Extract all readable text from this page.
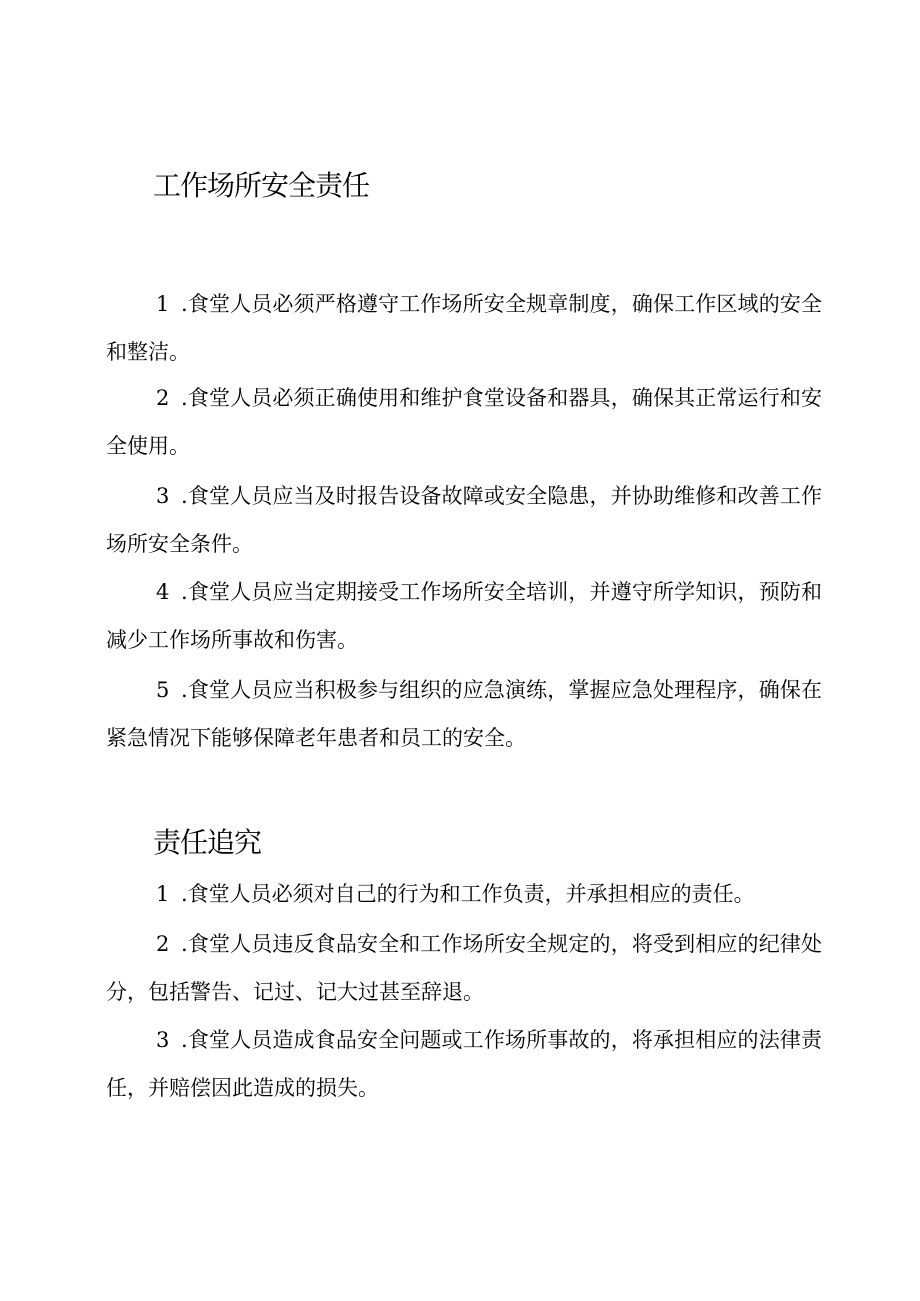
工作场所安全责任

1 .食堂人员必须严格遵守工作场所安全规章制度，确保工作区域的安全和整洁。

2 .食堂人员必须正确使用和维护食堂设备和器具，确保其正常运行和安全使用。

3 .食堂人员应当及时报告设备故障或安全隐患，并协助维修和改善工作场所安全条件。

4 .食堂人员应当定期接受工作场所安全培训，并遵守所学知识，预防和减少工作场所事故和伤害。

5 .食堂人员应当积极参与组织的应急演练，掌握应急处理程序，确保在紧急情况下能够保障老年患者和员工的安全。

责任追究

1 .食堂人员必须对自己的行为和工作负责，并承担相应的责任。

2 .食堂人员违反食品安全和工作场所安全规定的，将受到相应的纪律处分，包括警告、记过、记大过甚至辞退。

3 .食堂人员造成食品安全问题或工作场所事故的，将承担相应的法律责任，并赔偿因此造成的损失。
